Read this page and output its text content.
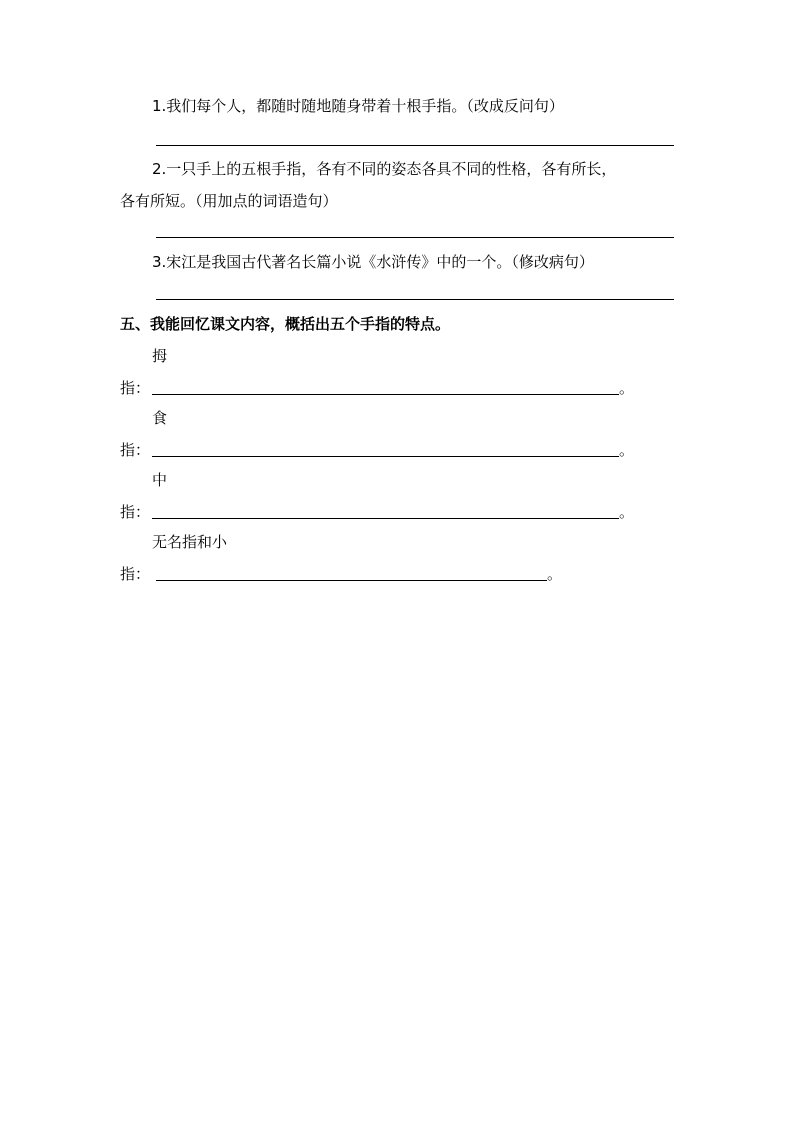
1.我们每个人，都随时随地随身带着十根手指。（改成反问句）
2.一只手上的五根手指，各有不同的姿态各具不同的性格，各有所长，
各有所短。（用加点的词语造句）
3.宋江是我国古代著名长篇小说《水浒传》中的一个。（修改病句）
五、我能回忆课文内容，概括出五个手指的特点。
拇
指：	。
食
指：	。
中
指：	。
无名指和小
指：	。
